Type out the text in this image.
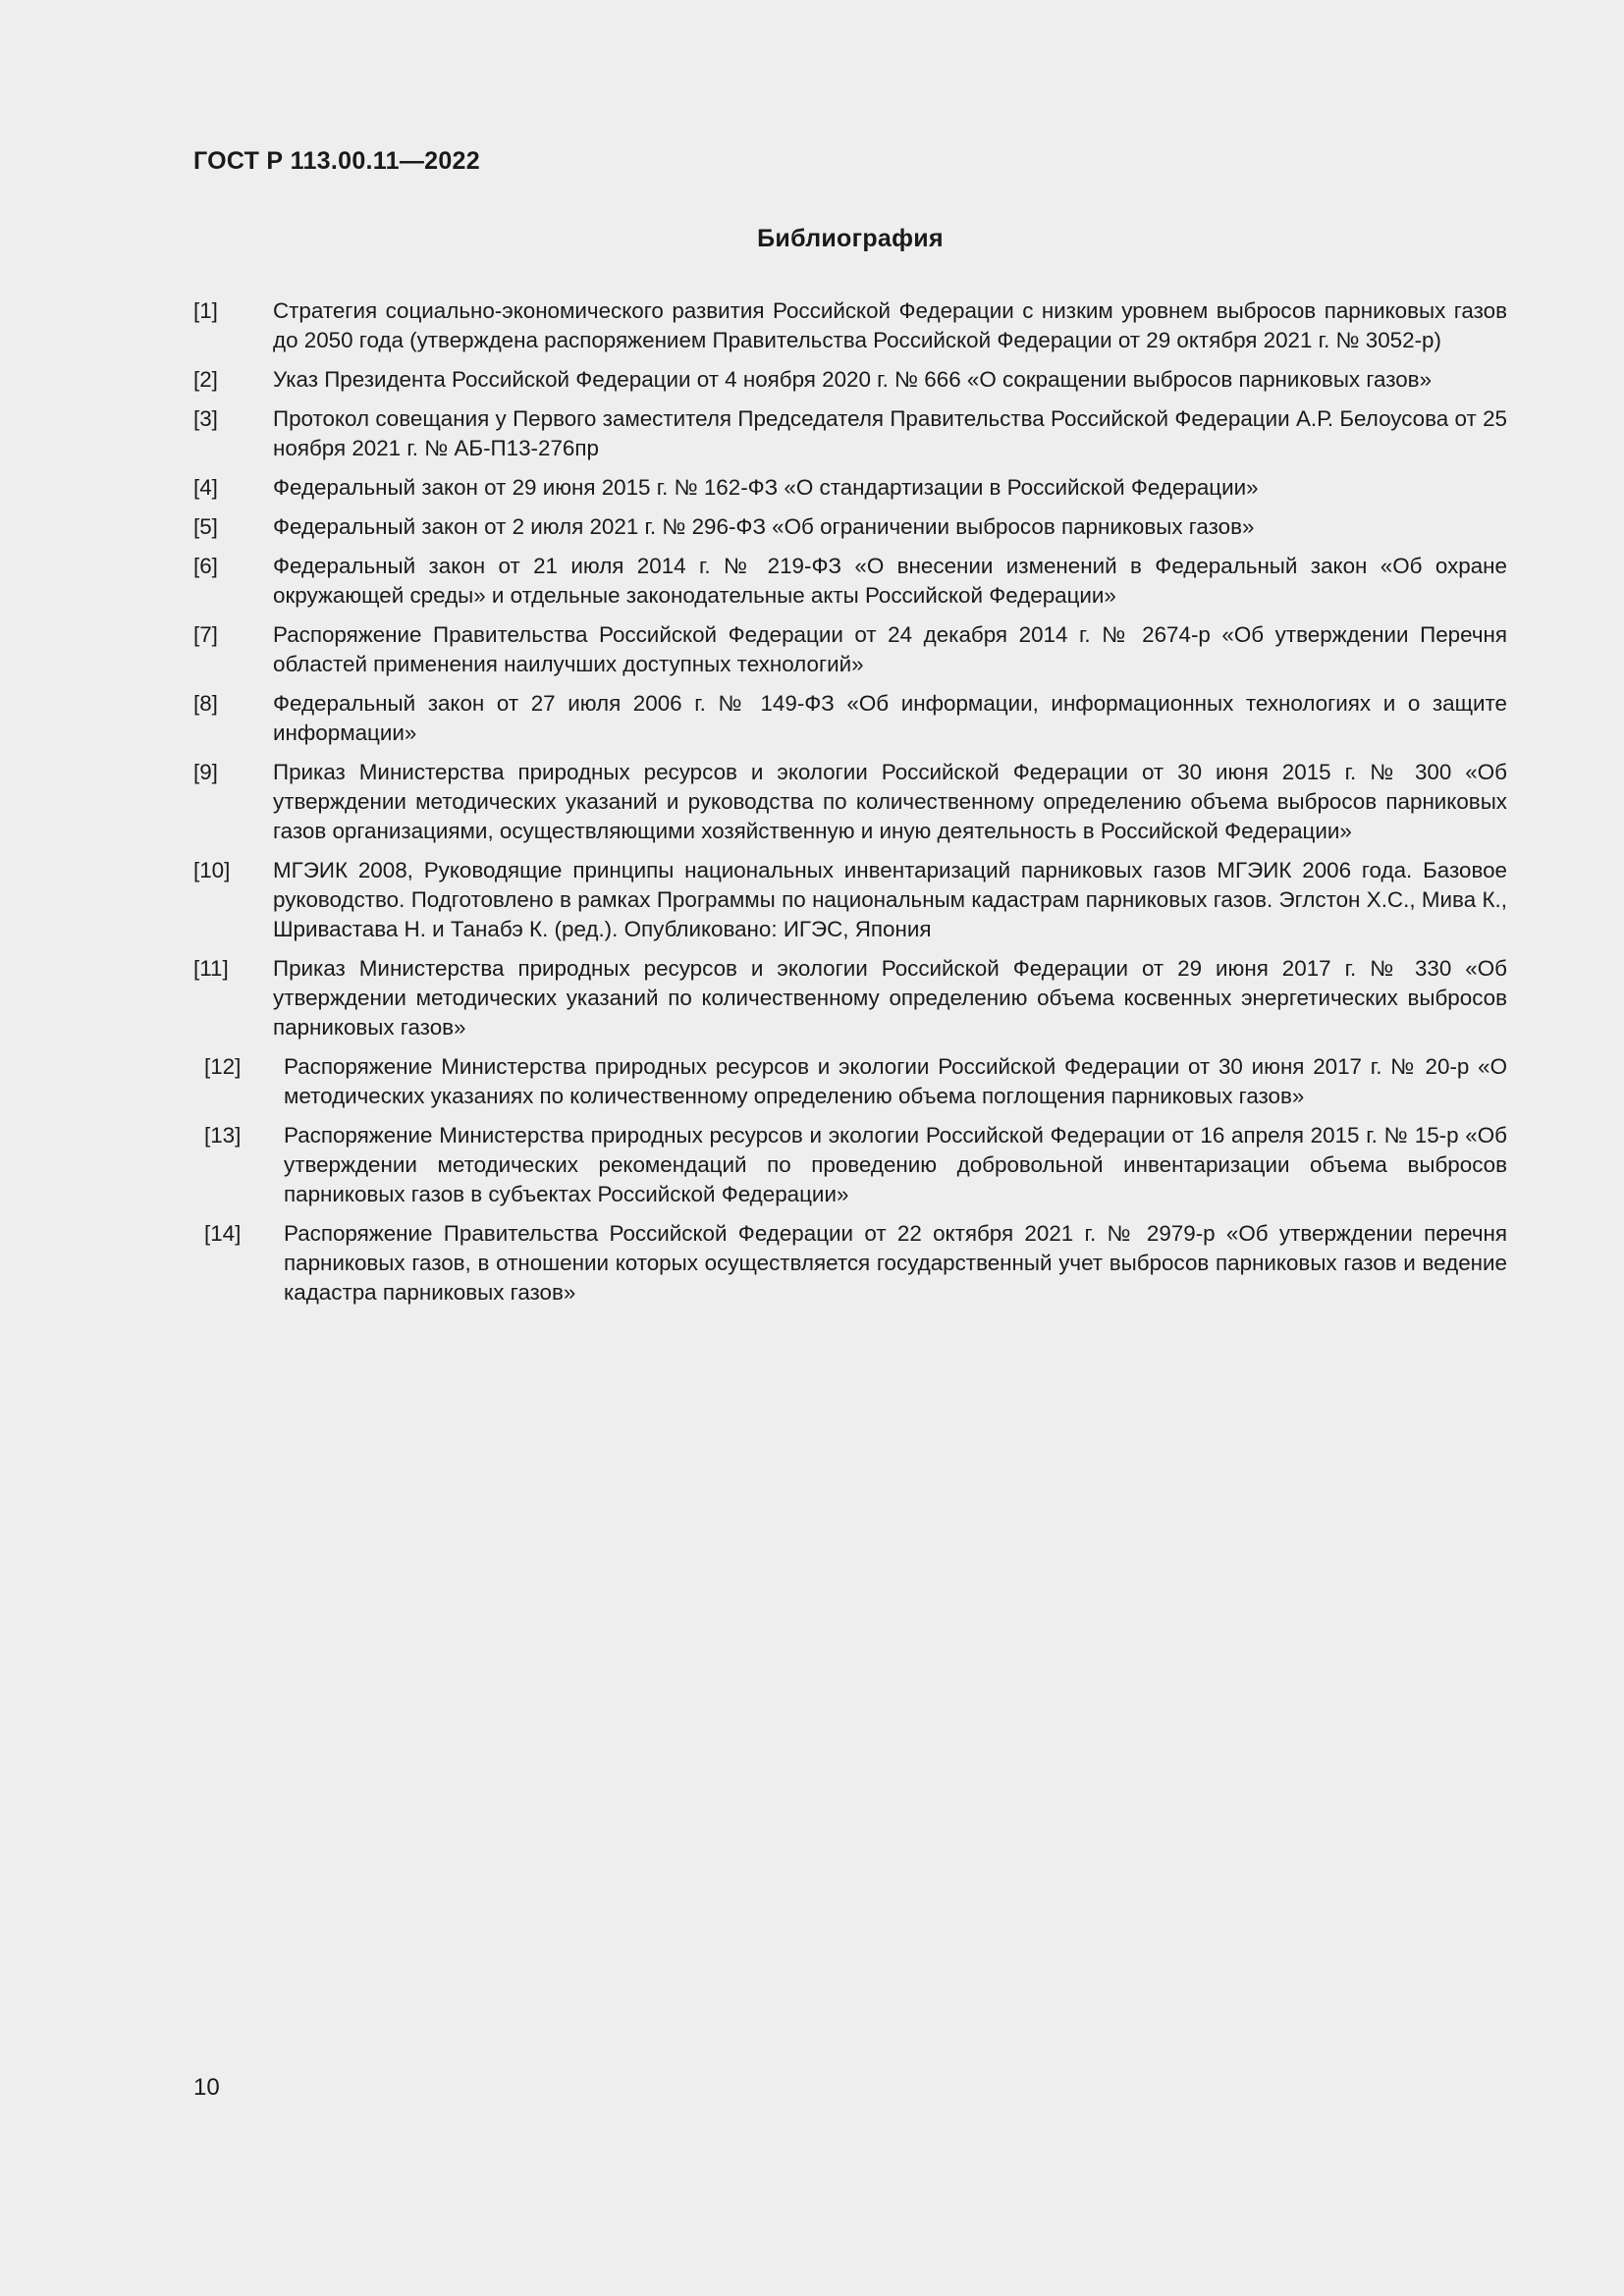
ГОСТ Р 113.00.11—2022
Библиография
[1]	Стратегия социально-экономического развития Российской Федерации с низким уровнем выбросов парниковых газов до 2050 года (утверждена распоряжением Правительства Российской Федерации от 29 октября 2021 г. № 3052-р)
[2]	Указ Президента Российской Федерации от 4 ноября 2020 г. № 666 «О сокращении выбросов парниковых газов»
[3]	Протокол совещания у Первого заместителя Председателя Правительства Российской Федерации А.Р. Белоусова от 25 ноября 2021 г. № АБ-П13-276пр
[4]	Федеральный закон от 29 июня 2015 г. № 162-ФЗ «О стандартизации в Российской Федерации»
[5]	Федеральный закон от 2 июля 2021 г. № 296-ФЗ «Об ограничении выбросов парниковых газов»
[6]	Федеральный закон от 21 июля 2014 г. № 219-ФЗ «О внесении изменений в Федеральный закон «Об охране окружающей среды» и отдельные законодательные акты Российской Федерации»
[7]	Распоряжение Правительства Российской Федерации от 24 декабря 2014 г. № 2674-р «Об утверждении Перечня областей применения наилучших доступных технологий»
[8]	Федеральный закон от 27 июля 2006 г. № 149-ФЗ «Об информации, информационных технологиях и о защите информации»
[9]	Приказ Министерства природных ресурсов и экологии Российской Федерации от 30 июня 2015 г. № 300 «Об утверждении методических указаний и руководства по количественному определению объема выбросов парниковых газов организациями, осуществляющими хозяйственную и иную деятельность в Российской Федерации»
[10]	МГЭИК 2008, Руководящие принципы национальных инвентаризаций парниковых газов МГЭИК 2006 года. Базовое руководство. Подготовлено в рамках Программы по национальным кадастрам парниковых газов. Эглстон Х.С., Мива К., Шривастава Н. и Танабэ К. (ред.). Опубликовано: ИГЭС, Япония
[11]	Приказ Министерства природных ресурсов и экологии Российской Федерации от 29 июня 2017 г. № 330 «Об утверждении методических указаний по количественному определению объема косвенных энергетических выбросов парниковых газов»
[12]	Распоряжение Министерства природных ресурсов и экологии Российской Федерации от 30 июня 2017 г. № 20-р «О методических указаниях по количественному определению объема поглощения парниковых газов»
[13]	Распоряжение Министерства природных ресурсов и экологии Российской Федерации от 16 апреля 2015 г. № 15-р «Об утверждении методических рекомендаций по проведению добровольной инвентаризации объема выбросов парниковых газов в субъектах Российской Федерации»
[14]	Распоряжение Правительства Российской Федерации от 22 октября 2021 г. № 2979-р «Об утверждении перечня парниковых газов, в отношении которых осуществляется государственный учет выбросов парниковых газов и ведение кадастра парниковых газов»
10
